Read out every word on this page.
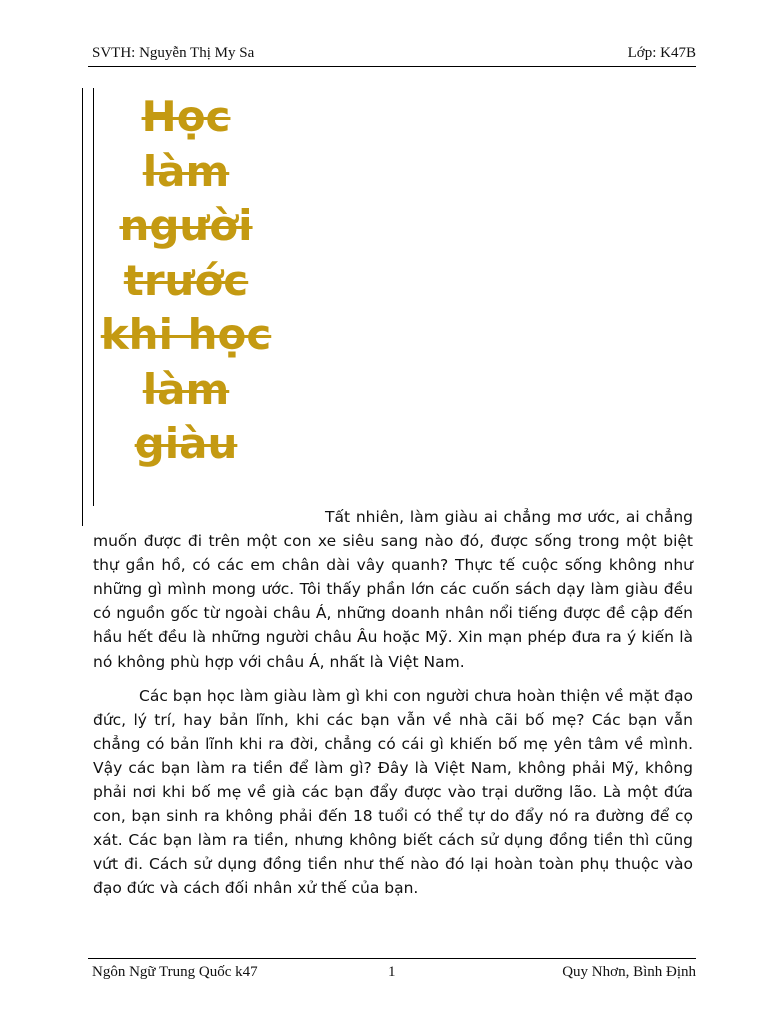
SVTH: Nguyễn Thị My Sa	Lớp: K47B
Học làm người trước khi học làm giàu

Tất nhiên, làm giàu ai chẳng mơ ước, ai chẳng muốn được đi trên một con xe siêu sang nào đó, được sống trong một biệt thự gần hồ, có các em chân dài vây quanh? Thực tế cuộc sống không như những gì mình mong ước. Tôi thấy phần lớn các cuốn sách dạy làm giàu đều có nguồn gốc từ ngoài châu Á, những doanh nhân nổi tiếng được đề cập đến hầu hết đều là những người châu Âu hoặc Mỹ. Xin mạn phép đưa ra ý kiến là nó không phù hợp với châu Á, nhất là Việt Nam.

Các bạn học làm giàu làm gì khi con người chưa hoàn thiện về mặt đạo đức, lý trí, hay bản lĩnh, khi các bạn vẫn về nhà cãi bố mẹ? Các bạn vẫn chẳng có bản lĩnh khi ra đời, chẳng có cái gì khiến bố mẹ yên tâm về mình. Vậy các bạn làm ra tiền để làm gì? Đây là Việt Nam, không phải Mỹ, không phải nơi khi bố mẹ về già các bạn đẩy được vào trại dưỡng lão. Là một đứa con, bạn sinh ra không phải đến 18 tuổi có thể tự do đẩy nó ra đường để cọ xát. Các bạn làm ra tiền, nhưng không biết cách sử dụng đồng tiền thì cũng vứt đi. Cách sử dụng đồng tiền như thế nào đó lại hoàn toàn phụ thuộc vào đạo đức và cách đối nhân xử thế của bạn.

Ngôn Ngữ Trung Quốc k47	1	Quy Nhơn, Bình Định
